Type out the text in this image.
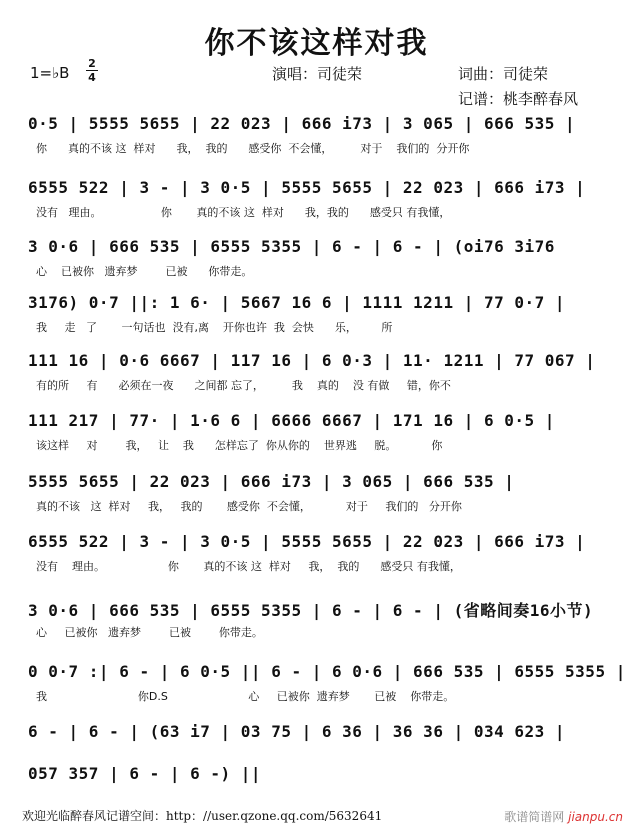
你不该这样对我
1=♭B
2
4	演唱：司徒荣	词曲：司徒荣
记谱：桃李醉春风
0·5 | 5555 5655 | 22 023 | 666 i73 | 3 065 | 666 535 |
你      真的不该 这  样对      我，  我的      感受你  不会懂，        对于    我们的  分开你
6555 522 | 3 - | 3 0·5 | 5555 5655 | 22 023 | 666 i73 |
没有   理由。                 你       真的不该 这  样对      我，我的      感受只 有我懂，
3 0·6 | 666 535 | 6555 5355 | 6 - | 6 - | (oi76 3i76
心    已被你   遗弃梦        已被      你带走。
3176) 0·7 ||: 1 6· | 5667 16 6 | 1111 1211 | 77 0·7 |
我     走   了       一句话也  没有,离    开你也许  我  会快      乐，       所
111 16 | 0·6 6667 | 117 16 | 6 0·3 | 11· 1211 | 77 067 |
有的所     有      必须在一夜      之间都 忘了，        我    真的    没 有做     错，你不
111 217 | 77· | 1·6 6 | 6666 6667 | 171 16 | 6 0·5 |
该这样     对        我，   让    我      怎样忘了  你从你的    世界逃     脱。          你
5555 5655 | 22 023 | 666 i73 | 3 065 | 666 535 |
真的不该   这  样对     我，   我的       感受你  不会懂，          对于     我们的   分开你
6555 522 | 3 - | 3 0·5 | 5555 5655 | 22 023 | 666 i73 |
没有    理由。                  你       真的不该 这  样对     我，  我的      感受只 有我懂，
3 0·6 | 666 535 | 6555 5355 | 6 - | 6 - | (省略间奏16小节)
心     已被你   遗弃梦        已被        你带走。
0 0·7 :| 6 - | 6 0·5 || 6 - | 6 0·6 | 666 535 | 6555 5355 |
我                          你D.S                       心     已被你  遗弃梦       已被    你带走。
6 - | 6 - | (63 i7 | 03 75 | 6 36 | 36 36 | 034 623 |
057 357 | 6 - | 6 -) ||
欢迎光临醉春风记谱空间：http：//user.qzone.qq.com/5632641	歌谱简谱网 jianpu.cn
